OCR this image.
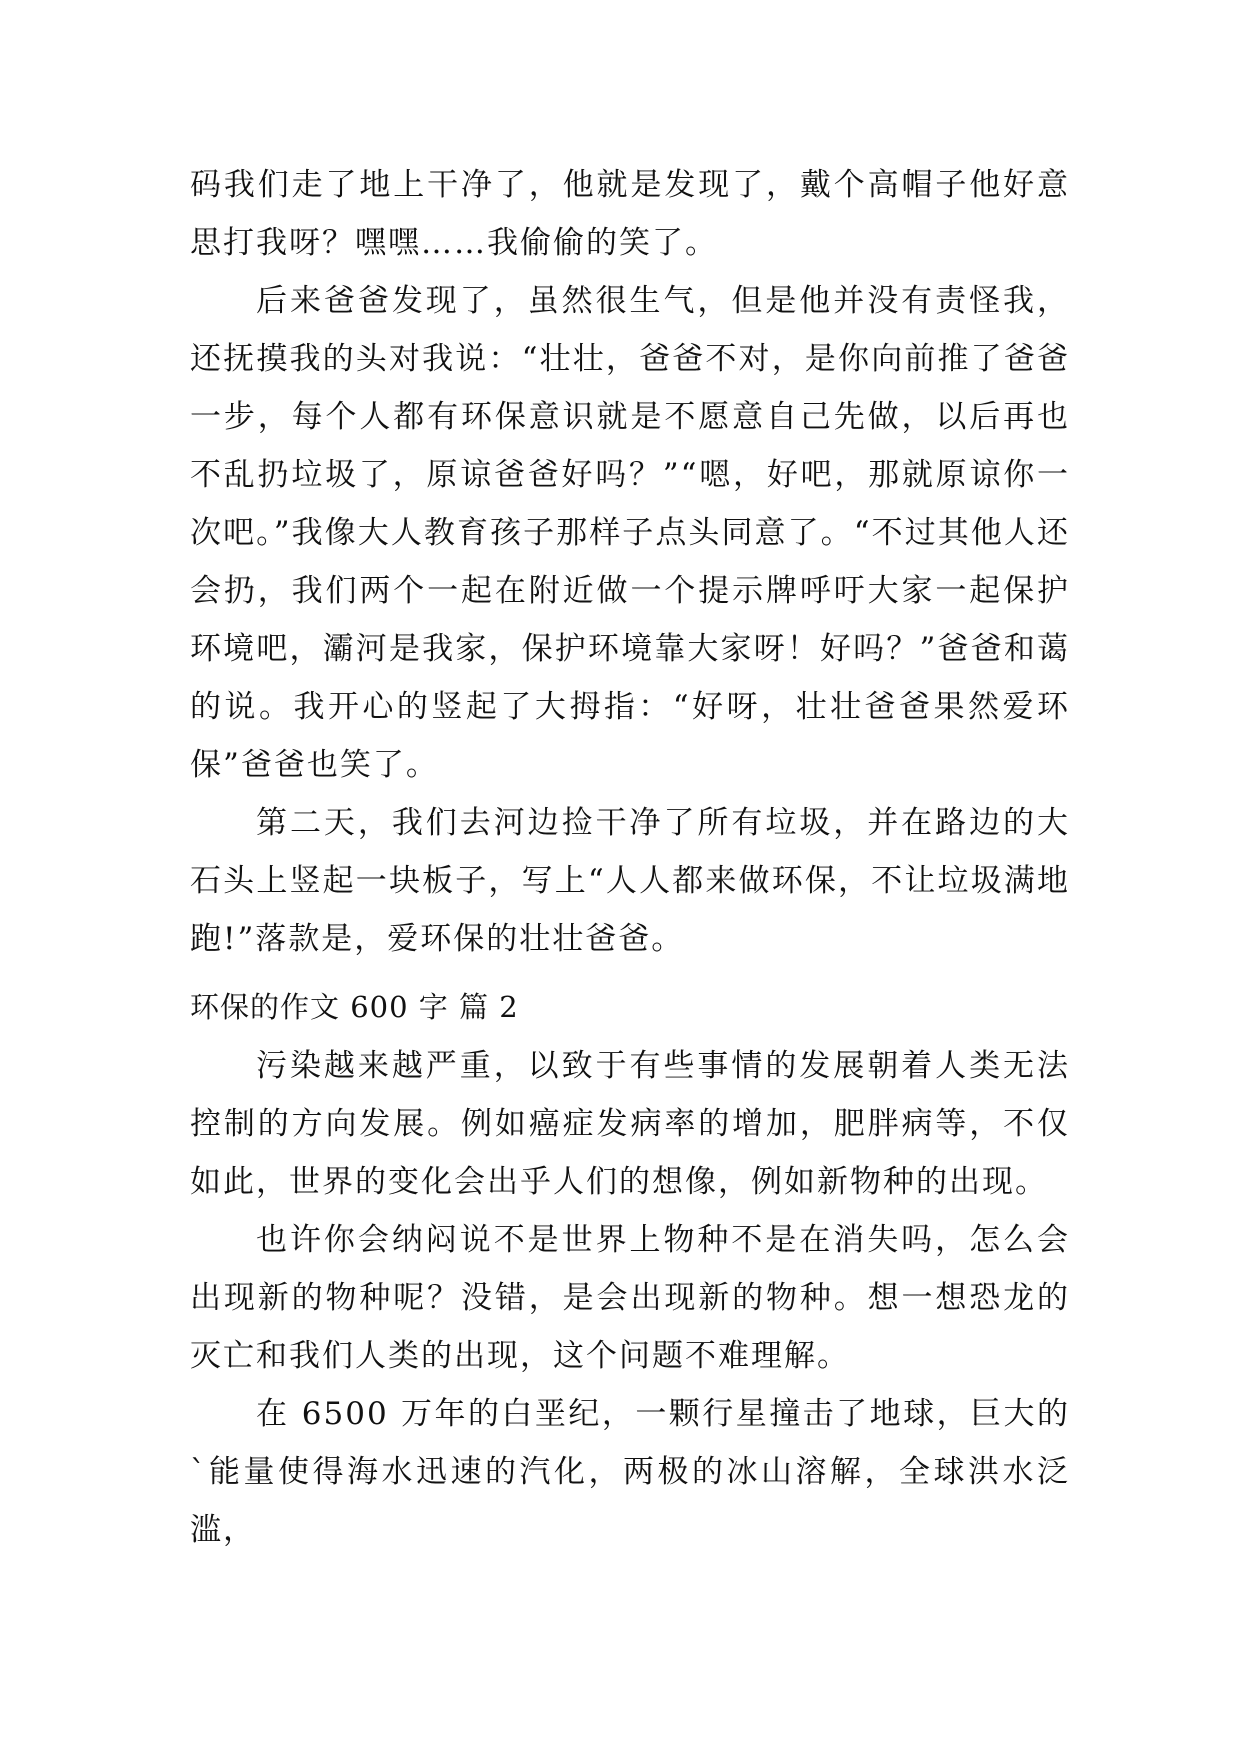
码我们走了地上干净了，他就是发现了，戴个高帽子他好意思打我呀？嘿嘿……我偷偷的笑了。

后来爸爸发现了，虽然很生气，但是他并没有责怪我，还抚摸我的头对我说：“壮壮，爸爸不对，是你向前推了爸爸一步，每个人都有环保意识就是不愿意自己先做，以后再也不乱扔垃圾了，原谅爸爸好吗？”“嗯，好吧，那就原谅你一次吧。”我像大人教育孩子那样子点头同意了。“不过其他人还会扔，我们两个一起在附近做一个提示牌呼吁大家一起保护环境吧，灞河是我家，保护环境靠大家呀！好吗？”爸爸和蔼的说。我开心的竖起了大拇指：“好呀，壮壮爸爸果然爱环保”爸爸也笑了。

第二天，我们去河边捡干净了所有垃圾，并在路边的大石头上竖起一块板子，写上“人人都来做环保，不让垃圾满地跑!”落款是，爱环保的壮壮爸爸。

环保的作文 600 字 篇 2

污染越来越严重，以致于有些事情的发展朝着人类无法控制的方向发展。例如癌症发病率的增加，肥胖病等，不仅如此，世界的变化会出乎人们的想像，例如新物种的出现。

也许你会纳闷说不是世界上物种不是在消失吗，怎么会出现新的物种呢？没错，是会出现新的物种。想一想恐龙的灭亡和我们人类的出现，这个问题不难理解。

在 6500 万年的白垩纪，一颗行星撞击了地球，巨大的`能量使得海水迅速的汽化，两极的冰山溶解，全球洪水泛滥，
